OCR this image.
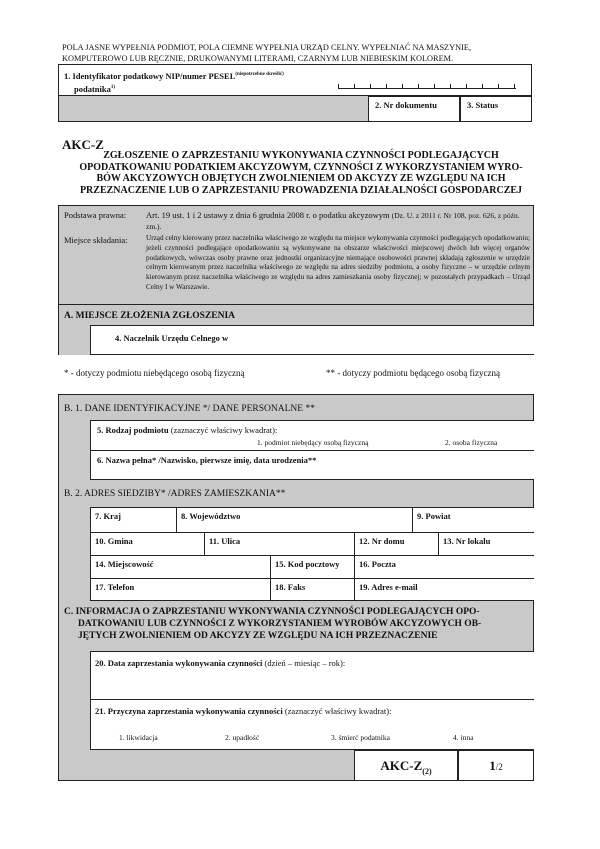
POLA JASNE WYPEŁNIA PODMIOT, POLA CIEMNE WYPEŁNIA URZĄD CELNY. WYPEŁNIAĆ NA MASZYNIE,
KOMPUTEROWO LUB RĘCZNIE, DRUKOWANYMI LITERAMI, CZARNYM LUB NIEBIESKIM KOLOREM.
1. Identyfikator podatkowy NIP/numer $PESEL^{(niepotrzebne skreślić)}$
podatnika$^{1)}$
2. Nr dokumentu	3. Status
AKC-Z
ZGŁOSZENIE O ZAPRZESTANIU WYKONYWANIA CZYNNOŚCI PODLEGAJĄCYCH
OPODATKOWANIU PODATKIEM AKCYZOWYM, CZYNNOŚCI Z WYKORZYSTANIEM WYRO-
BÓW AKCYZOWYCH OBJĘTYCH ZWOLNIENIEM OD AKCYZY ZE WZGLĘDU NA ICH
PRZEZNACZENIE LUB O ZAPRZESTANIU PROWADZENIA DZIAŁALNOŚCI GOSPODARCZEJ
Podstawa prawna: Art. 19 ust. 1 i 2 ustawy z dnia 6 grudnia 2008 r. o podatku akcyzowym (Dz. U. z 2011 r. Nr 108, poz. 626, z późn. zm.).
Miejsce składania:	Urząd celny kierowany przez naczelnika właściwego ze względu na miejsce wykonywania czynności podlegających opodatkowaniu; jeżeli czynności podlegające opodatkowaniu są wykonywane na obszarze właściwości miejscowej dwóch lub więcej organów podatkowych, wówczas osoby prawne oraz jednostki organizacyjne niemające osobowości prawnej składają zgłoszenie w urzędzie celnym kierowanym przez naczelnika właściwego ze względu na adres siedziby podmiotu, a osoby fizyczne – w urzędzie celnym kierowanym przez naczelnika właściwego ze względu na adres zamieszkania osoby fizycznej; w pozostałych przypadkach – Urząd Celny I w Warszawie.
A. MIEJSCE ZŁOŻENIA ZGŁOSZENIA
4. Naczelnik Urzędu Celnego w
* - dotyczy podmiotu niebędącego osobą fizyczną	** - dotyczy podmiotu będącego osobą fizyczną
B. 1. DANE IDENTYFIKACYJNE */ DANE PERSONALNE **
5. Rodzaj podmiotu (zaznaczyć właściwy kwadrat):
1. podmiot niebędący osobą fizyczną	2. osoba fizyczna
6. Nazwa pełna* /Nazwisko, pierwsze imię, data urodzenia**
B. 2. ADRES SIEDZIBY* /ADRES ZAMIESZKANIA**
7. Kraj	8. Województwo	9. Powiat
10. Gmina	11. Ulica	12. Nr domu	13. Nr lokalu
14. Miejscowość	15. Kod pocztowy	16. Poczta
17. Telefon	18. Faks	19. Adres e-mail
C. INFORMACJA O ZAPRZESTANIU WYKONYWANIA CZYNNOŚCI PODLEGAJĄCYCH OPO-
DATKOWANIU LUB CZYNNOŚCI Z WYKORZYSTANIEM WYROBÓW AKCYZOWYCH OB-
JĘTYCH ZWOLNIENIEM OD AKCYZY ZE WZGLĘDU NA ICH PRZEZNACZENIE
20. Data zaprzestania wykonywania czynności (dzień – miesiąc – rok):
21. Przyczyna zaprzestania wykonywania czynności (zaznaczyć właściwy kwadrat):
1. likwidacja	2. upadłość	3. śmierć podatnika	4. inna
AKC-$Z_{(2)}$	1/2
